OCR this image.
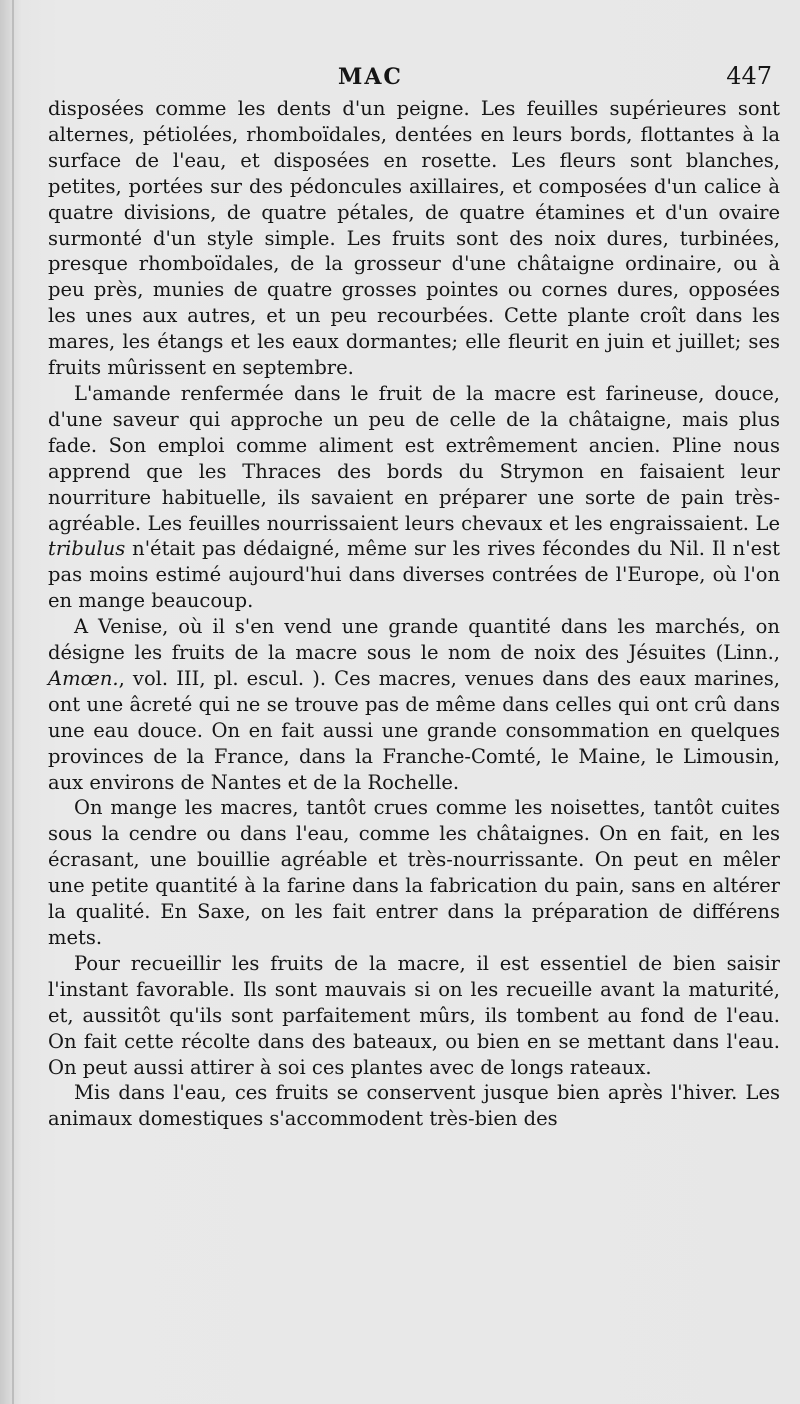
MAC	447

disposées comme les dents d'un peigne. Les feuilles supérieures sont alternes, pétiolées, rhomboïdales, dentées en leurs bords, flottantes à la surface de l'eau, et disposées en rosette. Les fleurs sont blanches, petites, portées sur des pédoncules axillaires, et composées d'un calice à quatre divisions, de quatre pétales, de quatre étamines et d'un ovaire surmonté d'un style simple. Les fruits sont des noix dures, turbinées, presque rhomboïdales, de la grosseur d'une châtaigne ordinaire, ou à peu près, munies de quatre grosses pointes ou cornes dures, opposées les unes aux autres, et un peu recourbées. Cette plante croît dans les mares, les étangs et les eaux dormantes; elle fleurit en juin et juillet; ses fruits mûrissent en septembre.

L'amande renfermée dans le fruit de la macre est farineuse, douce, d'une saveur qui approche un peu de celle de la châtaigne, mais plus fade. Son emploi comme aliment est extrêmement ancien. Pline nous apprend que les Thraces des bords du Strymon en faisaient leur nourriture habituelle, ils savaient en préparer une sorte de pain très-agréable. Les feuilles nourrissaient leurs chevaux et les engraissaient. Le tribulus n'était pas dédaigné, même sur les rives fécondes du Nil. Il n'est pas moins estimé aujourd'hui dans diverses contrées de l'Europe, où l'on en mange beaucoup.

A Venise, où il s'en vend une grande quantité dans les marchés, on désigne les fruits de la macre sous le nom de noix des Jésuites (Linn., Amœn., vol. III, pl. escul. ). Ces macres, venues dans des eaux marines, ont une âcreté qui ne se trouve pas de même dans celles qui ont crû dans une eau douce. On en fait aussi une grande consommation en quelques provinces de la France, dans la Franche-Comté, le Maine, le Limousin, aux environs de Nantes et de la Rochelle.

On mange les macres, tantôt crues comme les noisettes, tantôt cuites sous la cendre ou dans l'eau, comme les châtaignes. On en fait, en les écrasant, une bouillie agréable et très-nourrissante. On peut en mêler une petite quantité à la farine dans la fabrication du pain, sans en altérer la qualité. En Saxe, on les fait entrer dans la préparation de différens mets.

Pour recueillir les fruits de la macre, il est essentiel de bien saisir l'instant favorable. Ils sont mauvais si on les recueille avant la maturité, et, aussitôt qu'ils sont parfaitement mûrs, ils tombent au fond de l'eau. On fait cette récolte dans des bateaux, ou bien en se mettant dans l'eau. On peut aussi attirer à soi ces plantes avec de longs rateaux.

Mis dans l'eau, ces fruits se conservent jusque bien après l'hiver. Les animaux domestiques s'accommodent très-bien des
